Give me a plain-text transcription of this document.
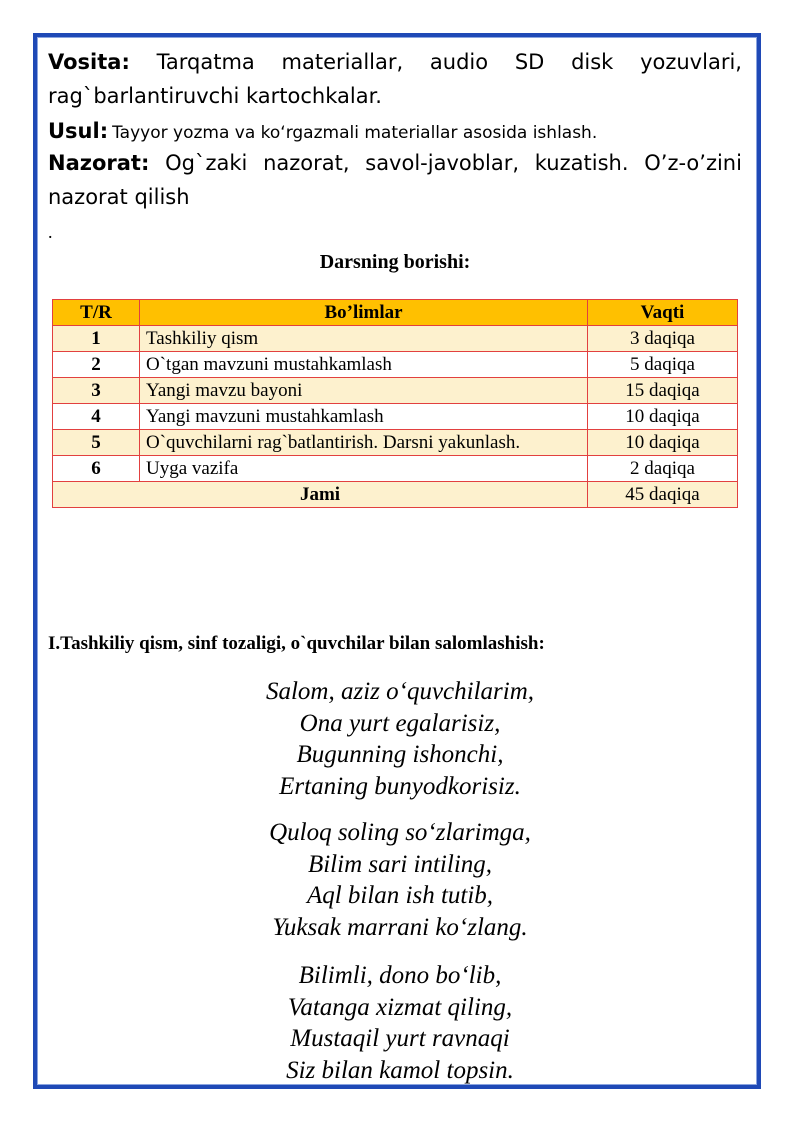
Vosita: Tarqatma materiallar, audio SD disk yozuvlari,
rag`barlantiruvchi kartochkalar.
Usul: Tayyor yozma va ko‘rgazmali materiallar asosida ishlash.
Nazorat: Og`zaki nazorat, savol-javoblar, kuzatish. O’z-o’zini
nazorat qilish
.
Darsning borishi:
T/R	Bo’limlar	Vaqti
1	Tashkiliy qism	3 daqiqa
2	O`tgan mavzuni mustahkamlash	5 daqiqa
3	Yangi mavzu bayoni	15 daqiqa
4	Yangi mavzuni mustahkamlash	10 daqiqa
5	O`quvchilarni rag`batlantirish. Darsni yakunlash.	10 daqiqa
6	Uyga vazifa	2 daqiqa
Jami		45 daqiqa
I.Tashkiliy qism, sinf tozaligi, o`quvchilar bilan salomlashish:
Salom, aziz o‘quvchilarim,
Ona yurt egalarisiz,
Bugunning ishonchi,
Ertaning bunyodkorisiz.
Quloq soling so‘zlarimga,
Bilim sari intiling,
Aql bilan ish tutib,
Yuksak marrani ko‘zlang.
Bilimli, dono bo‘lib,
Vatanga xizmat qiling,
Mustaqil yurt ravnaqi
Siz bilan kamol topsin.
